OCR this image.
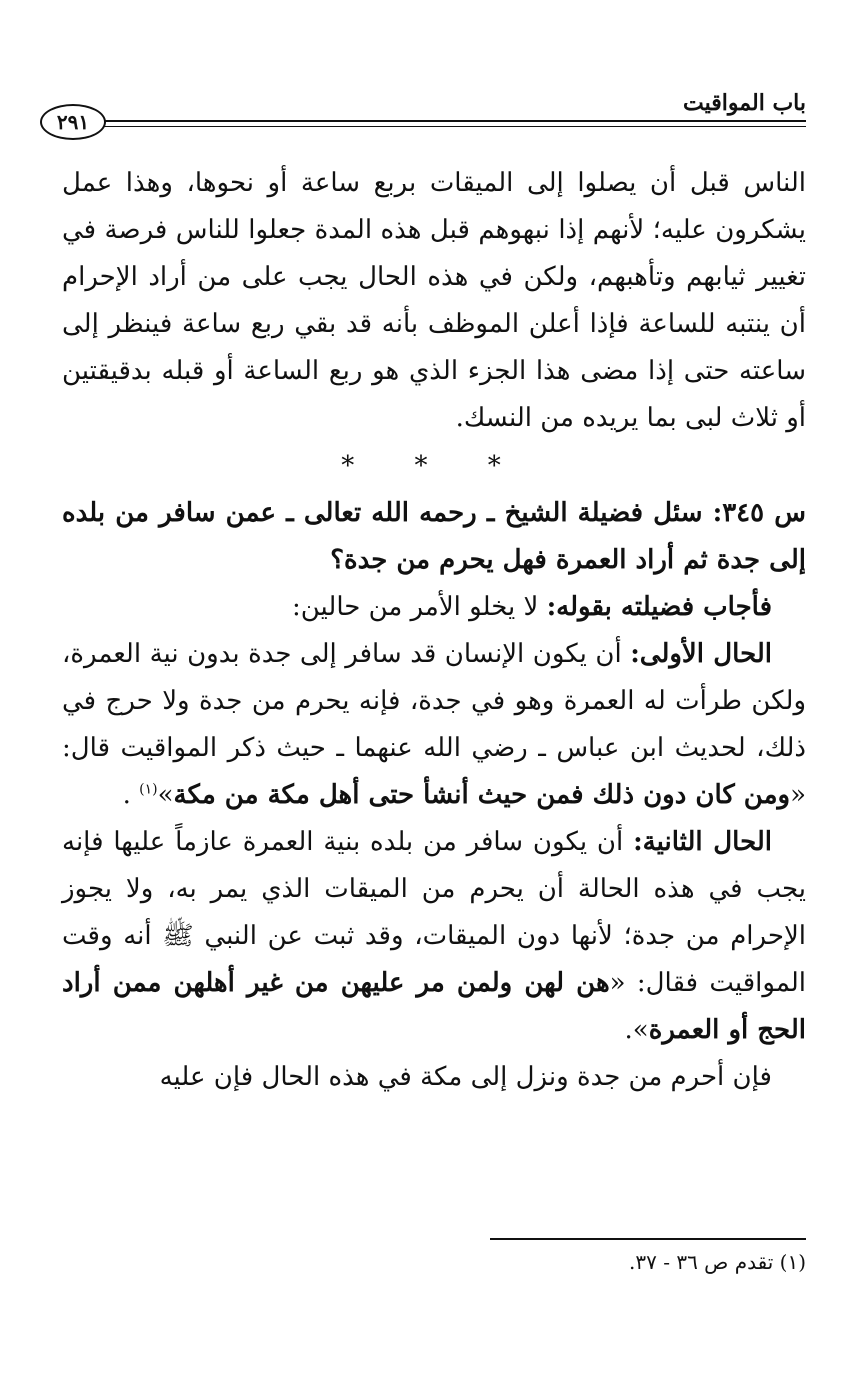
باب المواقيت
٢٩١

الناس قبل أن يصلوا إلى الميقات بربع ساعة أو نحوها، وهذا عمل يشكرون عليه؛ لأنهم إذا نبهوهم قبل هذه المدة جعلوا للناس فرصة في تغيير ثيابهم وتأهبهم، ولكن في هذه الحال يجب على من أراد الإحرام أن ينتبه للساعة فإذا أعلن الموظف بأنه قد بقي ربع ساعة فينظر إلى ساعته حتى إذا مضى هذا الجزء الذي هو ربع الساعة أو قبله بدقيقتين أو ثلاث لبى بما يريده من النسك.

* * *

س ٣٤٥: سئل فضيلة الشيخ ـ رحمه الله تعالى ـ عمن سافر من بلده إلى جدة ثم أراد العمرة فهل يحرم من جدة؟

فأجاب فضيلته بقوله: لا يخلو الأمر من حالين:

الحال الأولى: أن يكون الإنسان قد سافر إلى جدة بدون نية العمرة، ولكن طرأت له العمرة وهو في جدة، فإنه يحرم من جدة ولا حرج في ذلك، لحديث ابن عباس ـ رضي الله عنهما ـ حيث ذكر المواقيت قال: «ومن كان دون ذلك فمن حيث أنشأ حتى أهل مكة من مكة»$^{(١)}$ .

الحال الثانية: أن يكون سافر من بلده بنية العمرة عازماً عليها فإنه يجب في هذه الحالة أن يحرم من الميقات الذي يمر به، ولا يجوز الإحرام من جدة؛ لأنها دون الميقات، وقد ثبت عن النبي ﷺ أنه وقت المواقيت فقال: «هن لهن ولمن مر عليهن من غير أهلهن ممن أراد الحج أو العمرة».

فإن أحرم من جدة ونزل إلى مكة في هذه الحال فإن عليه

(١) تقدم ص ٣٦ - ٣٧.
